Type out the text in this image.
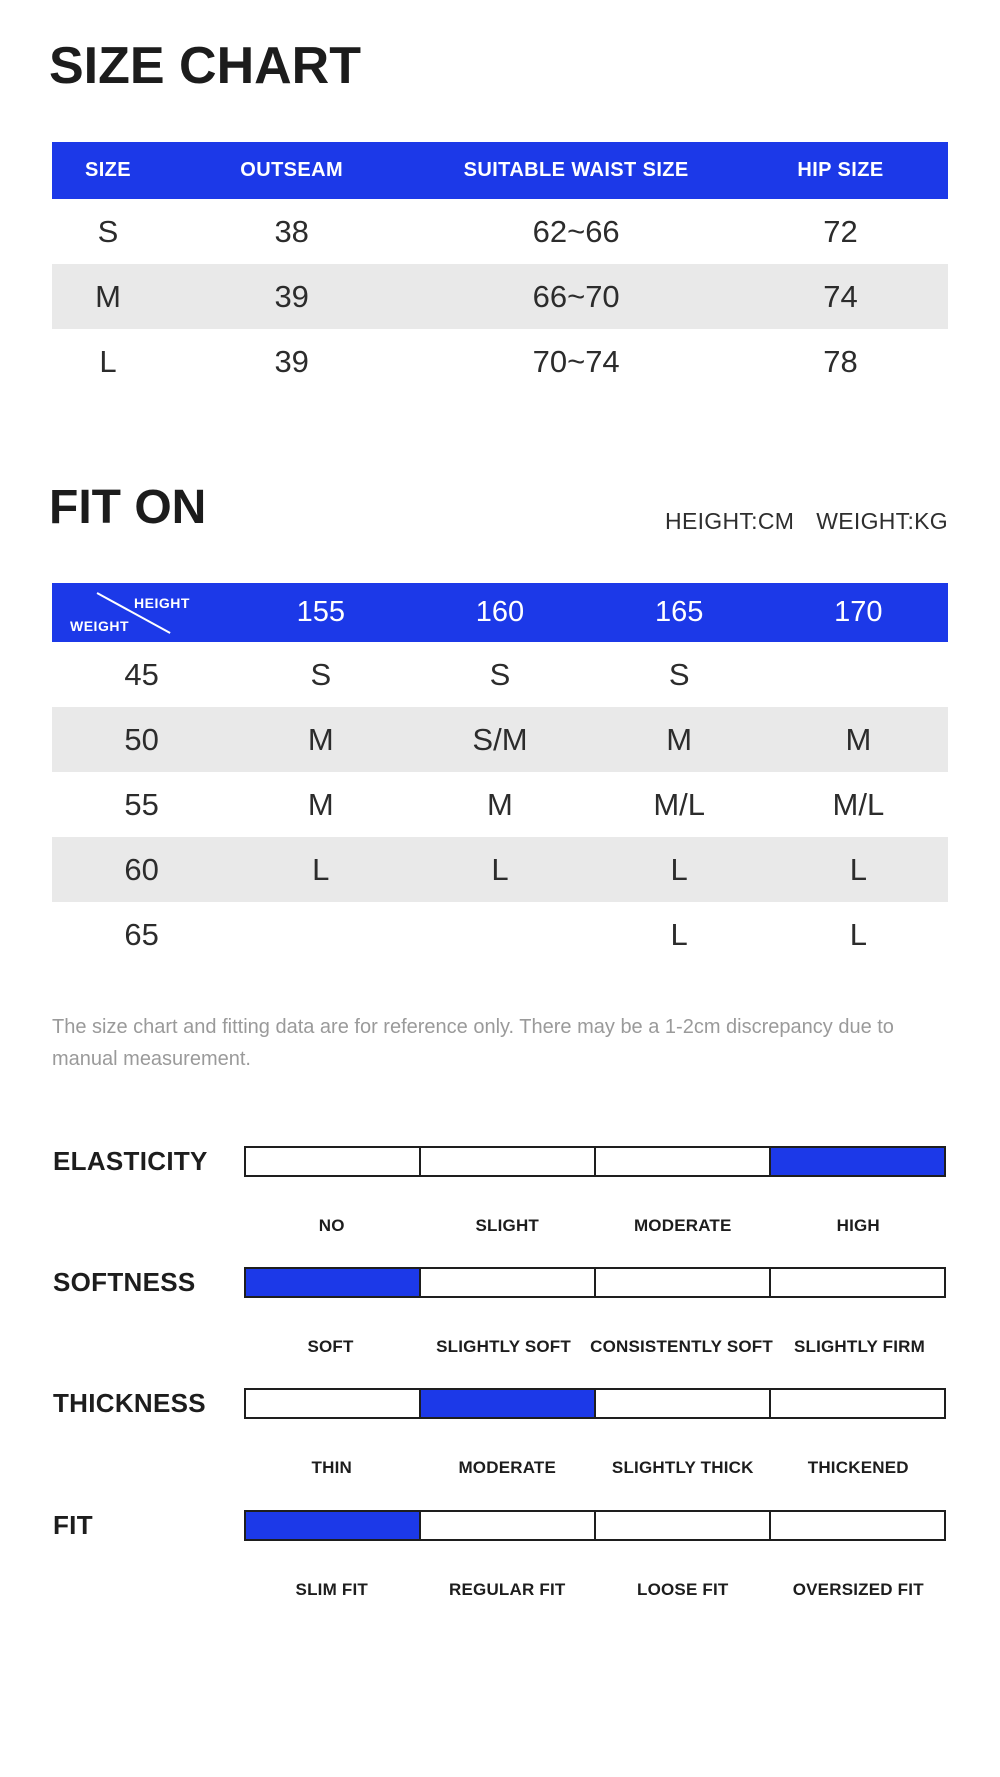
SIZE CHART
SIZE	OUTSEAM	SUITABLE WAIST SIZE	HIP SIZE
S	38	62~66	72
M	39	66~70	74
L	39	70~74	78
FIT ON	HEIGHT:CM WEIGHT:KG
HEIGHT
WEIGHT	155	160	165	170
45	S	S	S	
50	M	S/M	M	M
55	M	M	M/L	M/L
60	L	L	L	L
65			L	L

The size chart and fitting data are for reference only. There may be a 1-2cm discrepancy due to manual measurement.

ELASTICITY
NO	SLIGHT	MODERATE	HIGH
SOFTNESS
SOFT	SLIGHTLY SOFT	CONSISTENTLY SOFT	SLIGHTLY FIRM
THICKNESS
THIN	MODERATE	SLIGHTLY THICK	THICKENED
FIT
SLIM FIT	REGULAR FIT	LOOSE FIT	OVERSIZED FIT
